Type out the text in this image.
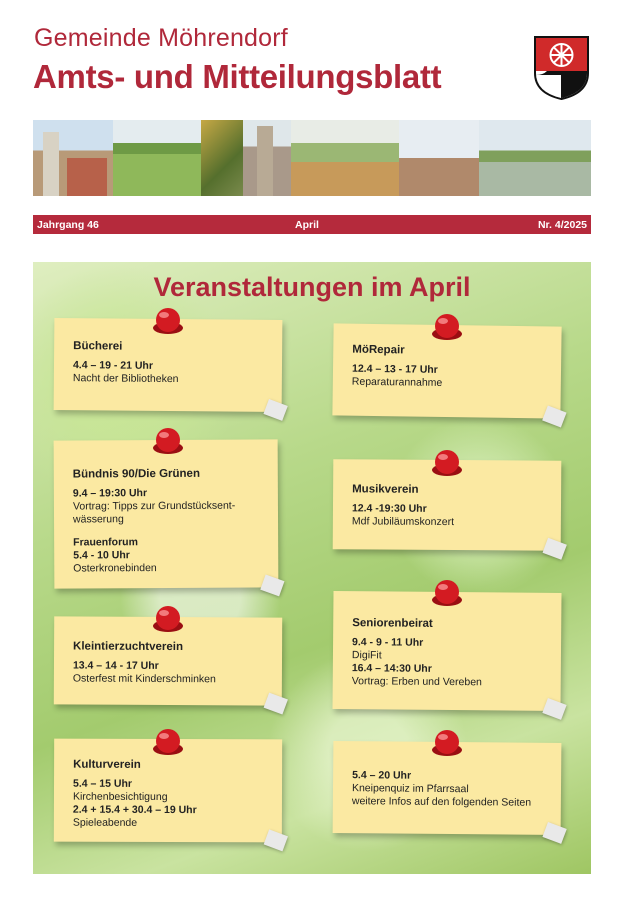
Gemeinde Möhrendorf
Amts- und Mitteilungsblatt
Jahrgang 46	April	Nr. 4/2025
Veranstaltungen im April
Bücherei
4.4 – 19 - 21 Uhr
Nacht der Bibliotheken
MöRepair
12.4 – 13 - 17 Uhr
Reparaturannahme
Bündnis 90/Die Grünen
9.4 – 19:30 Uhr
Vortrag: Tipps zur Grundstücksent-wässerung
Frauenforum
5.4 - 10 Uhr
Osterkronebinden
Musikverein
12.4 -19:30 Uhr
Mdf Jubiläumskonzert
Kleintierzuchtverein
13.4 – 14 - 17 Uhr
Osterfest mit Kinderschminken
Seniorenbeirat
9.4 - 9 - 11 Uhr
DigiFit
16.4 – 14:30 Uhr
Vortrag: Erben und Vereben
Kulturverein
5.4 – 15 Uhr
Kirchenbesichtigung
2.4 + 15.4 + 30.4 – 19 Uhr
Spieleabende
5.4 – 20 Uhr
Kneipenquiz im Pfarrsaal
weitere Infos auf den folgenden Seiten
